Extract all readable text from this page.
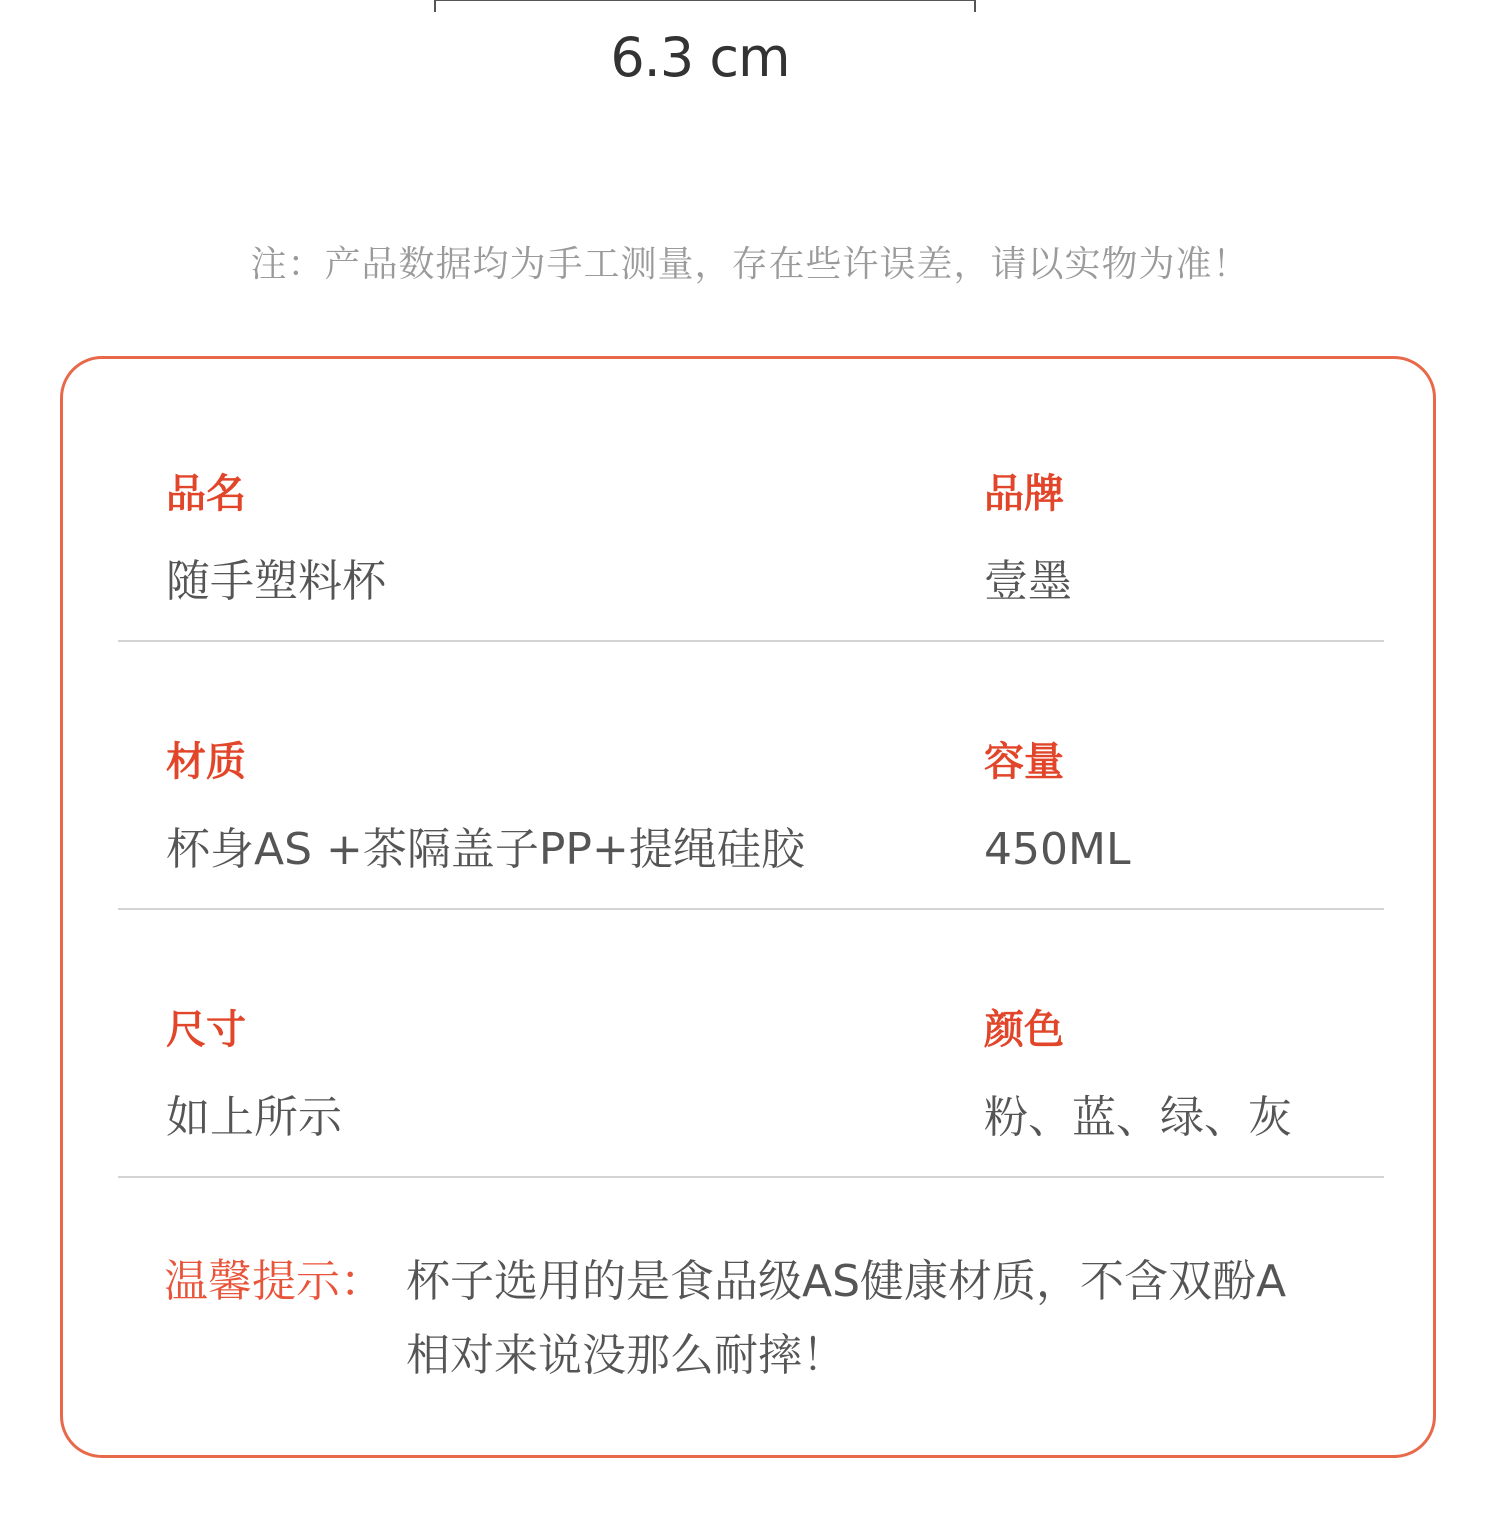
6.3 cm
注：产品数据均为手工测量，存在些许误差，请以实物为准！
品名
随手塑料杯
品牌
壹墨
材质
杯身AS +茶隔盖子PP+提绳硅胶
容量
450ML
尺寸
如上所示
颜色
粉、蓝、绿、灰
温馨提示： 杯子选用的是食品级AS健康材质，不含双酚A
相对来说没那么耐摔！
